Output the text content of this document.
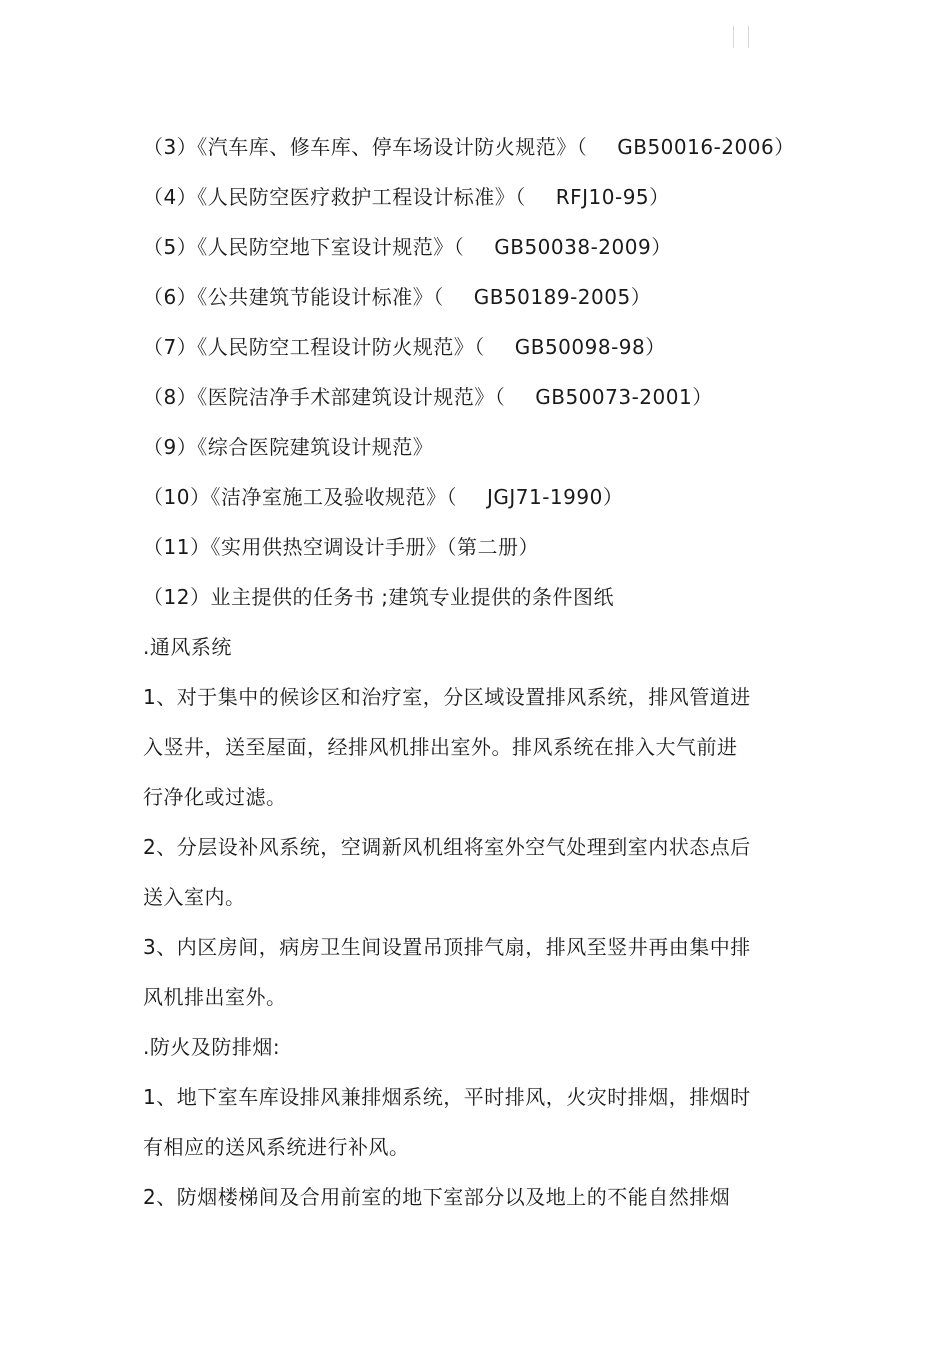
（3）《汽车库、修车库、停车场设计防火规范》（ GB50016-2006）
（4）《人民防空医疗救护工程设计标准》（ RFJ10-95）
（5）《人民防空地下室设计规范》（ GB50038-2009）
（6）《公共建筑节能设计标准》（ GB50189-2005）
（7）《人民防空工程设计防火规范》（ GB50098-98）
（8）《医院洁净手术部建筑设计规范》（ GB50073-2001）
（9）《综合医院建筑设计规范》
（10）《洁净室施工及验收规范》（ JGJ71-1990）
（11）《实用供热空调设计手册》（第二册）
（12）业主提供的任务书 ;建筑专业提供的条件图纸
.通风系统
1、对于集中的候诊区和治疗室，分区域设置排风系统，排风管道进
入竖井，送至屋面，经排风机排出室外。排风系统在排入大气前进
行净化或过滤。
2、分层设补风系统，空调新风机组将室外空气处理到室内状态点后
送入室内。
3、内区房间，病房卫生间设置吊顶排气扇，排风至竖井再由集中排
风机排出室外。
.防火及防排烟:
1、地下室车库设排风兼排烟系统，平时排风，火灾时排烟，排烟时
有相应的送风系统进行补风。
2、防烟楼梯间及合用前室的地下室部分以及地上的不能自然排烟
